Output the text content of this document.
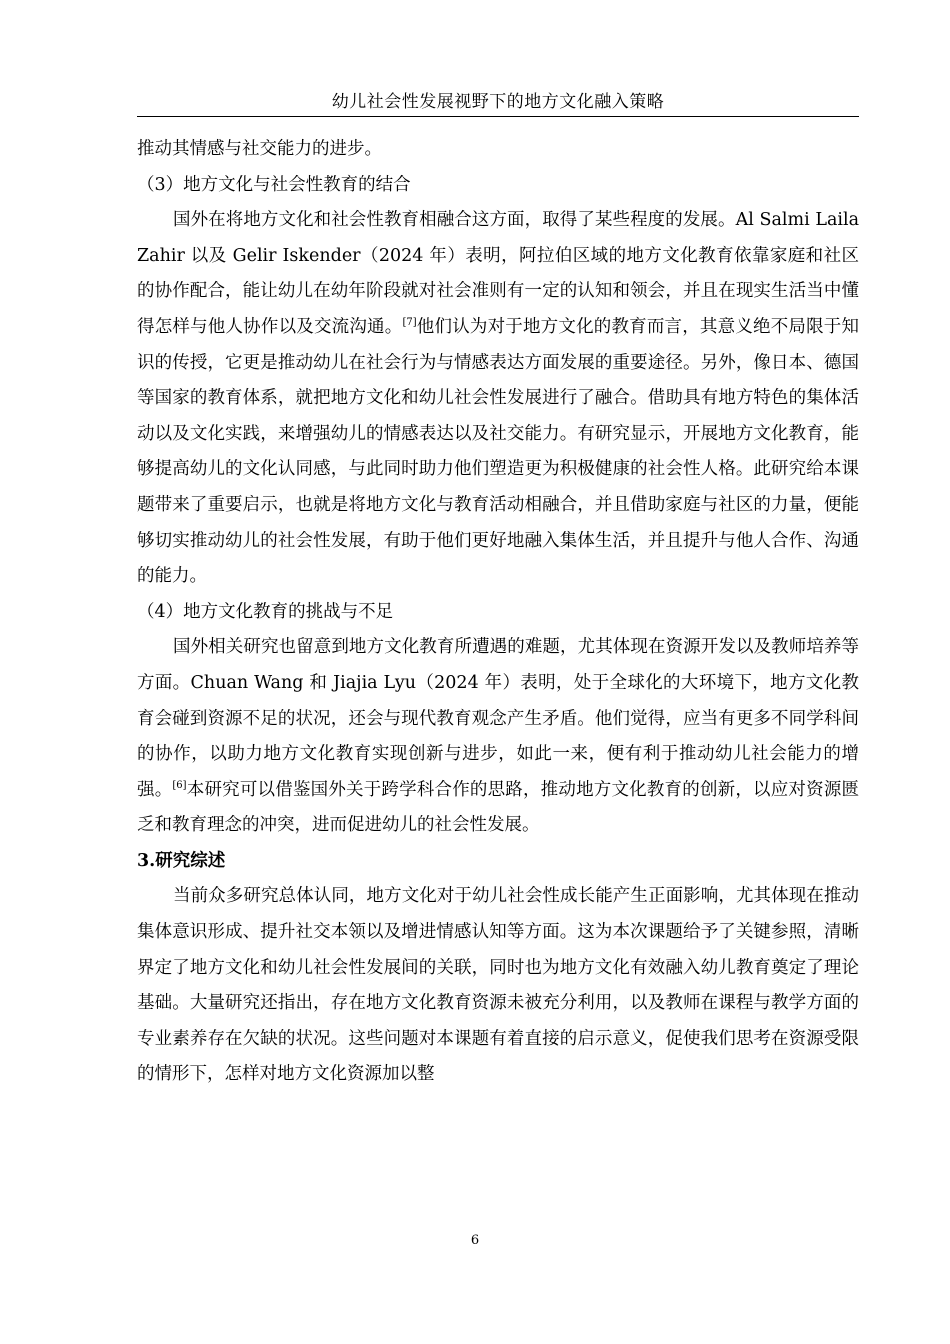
幼儿社会性发展视野下的地方文化融入策略

推动其情感与社交能力的进步。

（3）地方文化与社会性教育的结合

国外在将地方文化和社会性教育相融合这方面，取得了某些程度的发展。Al Salmi Laila Zahir 以及 Gelir Iskender（2024 年）表明，阿拉伯区域的地方文化教育依靠家庭和社区的协作配合，能让幼儿在幼年阶段就对社会准则有一定的认知和领会，并且在现实生活当中懂得怎样与他人协作以及交流沟通。[7]他们认为对于地方文化的教育而言，其意义绝不局限于知识的传授，它更是推动幼儿在社会行为与情感表达方面发展的重要途径。另外，像日本、德国等国家的教育体系，就把地方文化和幼儿社会性发展进行了融合。借助具有地方特色的集体活动以及文化实践，来增强幼儿的情感表达以及社交能力。有研究显示，开展地方文化教育，能够提高幼儿的文化认同感，与此同时助力他们塑造更为积极健康的社会性人格。此研究给本课题带来了重要启示，也就是将地方文化与教育活动相融合，并且借助家庭与社区的力量，便能够切实推动幼儿的社会性发展，有助于他们更好地融入集体生活，并且提升与他人合作、沟通的能力。

（4）地方文化教育的挑战与不足

国外相关研究也留意到地方文化教育所遭遇的难题，尤其体现在资源开发以及教师培养等方面。Chuan Wang 和 Jiajia Lyu（2024 年）表明，处于全球化的大环境下，地方文化教育会碰到资源不足的状况，还会与现代教育观念产生矛盾。他们觉得，应当有更多不同学科间的协作，以助力地方文化教育实现创新与进步，如此一来，便有利于推动幼儿社会能力的增强。[6]本研究可以借鉴国外关于跨学科合作的思路，推动地方文化教育的创新，以应对资源匮乏和教育理念的冲突，进而促进幼儿的社会性发展。

3.研究综述

当前众多研究总体认同，地方文化对于幼儿社会性成长能产生正面影响，尤其体现在推动集体意识形成、提升社交本领以及增进情感认知等方面。这为本次课题给予了关键参照，清晰界定了地方文化和幼儿社会性发展间的关联，同时也为地方文化有效融入幼儿教育奠定了理论基础。大量研究还指出，存在地方文化教育资源未被充分利用，以及教师在课程与教学方面的专业素养存在欠缺的状况。这些问题对本课题有着直接的启示意义，促使我们思考在资源受限的情形下，怎样对地方文化资源加以整

6
